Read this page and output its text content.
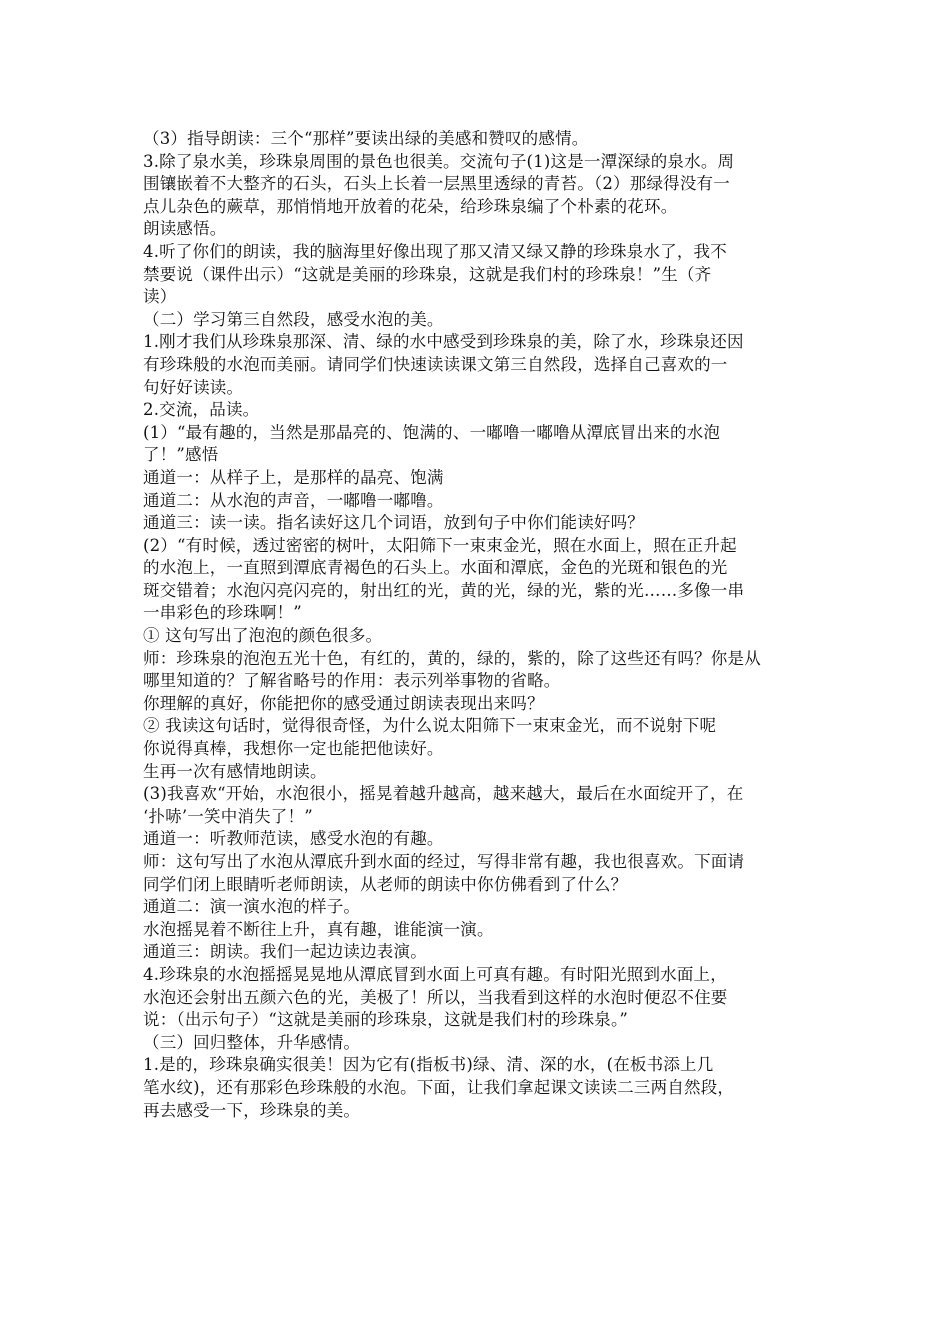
（3）指导朗读：三个“那样”要读出绿的美感和赞叹的感情。
3.除了泉水美，珍珠泉周围的景色也很美。交流句子(1)这是一潭深绿的泉水。周
围镶嵌着不大整齐的石头，石头上长着一层黑里透绿的青苔。（2）那绿得没有一
点儿杂色的蕨草，那悄悄地开放着的花朵，给珍珠泉编了个朴素的花环。
朗读感悟。
4.听了你们的朗读，我的脑海里好像出现了那又清又绿又静的珍珠泉水了，我不
禁要说（课件出示）“这就是美丽的珍珠泉，这就是我们村的珍珠泉！”生（齐
读）
（二）学习第三自然段，感受水泡的美。
1.刚才我们从珍珠泉那深、清、绿的水中感受到珍珠泉的美，除了水，珍珠泉还因
有珍珠般的水泡而美丽。请同学们快速读读课文第三自然段，选择自己喜欢的一
句好好读读。
2.交流，品读。
(1）“最有趣的，当然是那晶亮的、饱满的、一嘟噜一嘟噜从潭底冒出来的水泡
了！”感悟
通道一：从样子上，是那样的晶亮、饱满
通道二：从水泡的声音，一嘟噜一嘟噜。
通道三：读一读。指名读好这几个词语，放到句子中你们能读好吗？
(2）“有时候，透过密密的树叶，太阳筛下一束束金光，照在水面上，照在正升起
的水泡上，一直照到潭底青褐色的石头上。水面和潭底，金色的光斑和银色的光
斑交错着；水泡闪亮闪亮的，射出红的光，黄的光，绿的光，紫的光……多像一串
一串彩色的珍珠啊！”
① 这句写出了泡泡的颜色很多。
师：珍珠泉的泡泡五光十色，有红的，黄的，绿的，紫的，除了这些还有吗？你是从
哪里知道的？了解省略号的作用：表示列举事物的省略。
你理解的真好，你能把你的感受通过朗读表现出来吗？
② 我读这句话时，觉得很奇怪，为什么说太阳筛下一束束金光，而不说射下呢
你说得真棒，我想你一定也能把他读好。
生再一次有感情地朗读。
(3)我喜欢“开始，水泡很小，摇晃着越升越高，越来越大，最后在水面绽开了，在
‘扑哧’一笑中消失了！”
通道一：听教师范读，感受水泡的有趣。
师：这句写出了水泡从潭底升到水面的经过，写得非常有趣，我也很喜欢。下面请
同学们闭上眼睛听老师朗读，从老师的朗读中你仿佛看到了什么？
通道二：演一演水泡的样子。
水泡摇晃着不断往上升，真有趣，谁能演一演。
通道三：朗读。我们一起边读边表演。
4.珍珠泉的水泡摇摇晃晃地从潭底冒到水面上可真有趣。有时阳光照到水面上，
水泡还会射出五颜六色的光，美极了！所以，当我看到这样的水泡时便忍不住要
说：（出示句子）“这就是美丽的珍珠泉，这就是我们村的珍珠泉。”
（三）回归整体，升华感情。
1.是的，珍珠泉确实很美！因为它有(指板书)绿、清、深的水，(在板书添上几
笔水纹)，还有那彩色珍珠般的水泡。下面，让我们拿起课文读读二三两自然段，
再去感受一下，珍珠泉的美。
